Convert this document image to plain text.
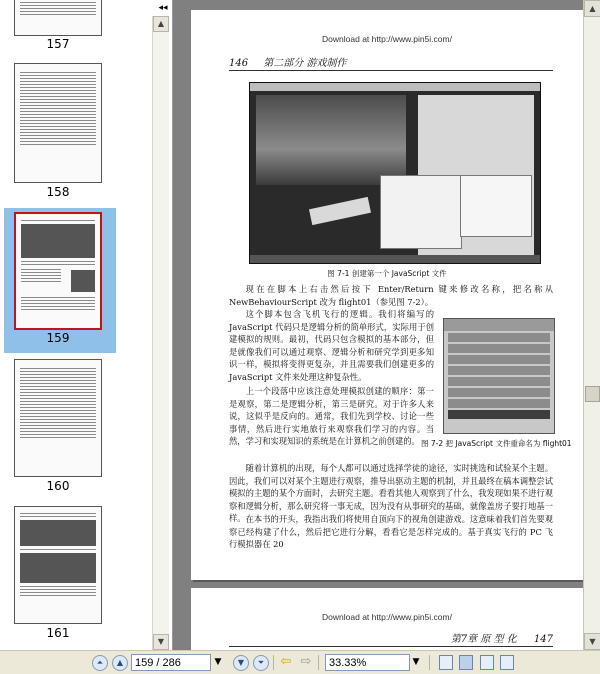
157
158
159
160
161
◂◂
▲
▼
Download at http://www.pin5i.com/
146 第二部分 游戏制作
图 7-1 创建第一个 JavaScript 文件
现在在脚本上右击然后按下 Enter/Return 键来修改名称，把名称从 NewBehaviourScript 改为 flight01（参见图 7-2）。
这个脚本包含飞机飞行的逻辑。我们将编写的 JavaScript 代码只是逻辑分析的简单形式，实际用于创建模拟的规则。最初，代码只包含模拟的基本部分，但是就像我们可以通过观察、逻辑分析和研究学到更多知识一样，模拟将变得更复杂，并且需要我们创建更多的 JavaScript 文件来处理这种复杂性。
上一个段落中应该注意处理模拟创建的顺序：第一是观察，第二是逻辑分析，第三是研究。对于许多人来说，这似乎是反向的。通常，我们先到学校、讨论一些事情，然后进行实地旅行来观察我们学习的内容。当然，学习和实现知识的系统是在计算机之前创建的。 图 7-2 把 JavaScript 文件重命名为 flight01
随着计算机的出现，每个人都可以通过选择学徒的途径，实时挑选和试验某个主题。因此，我们可以对某个主题进行观察，推导出驱动主题的机制，并且最终在稿本调整尝试模拟的主题的某个方面时，去研究主题。看看其他人观察到了什么，我发现如果不进行观察和逻辑分析，那么研究将一事无成，因为没有从事研究的基础，就像盖房子要打地基一样。 在本书的开头，我指出我们将使用自顶向下的视角创建游戏。这意味着我们首先要观察已经构建了什么，然后把它进行分解，看看它是怎样完成的。基于真实飞行的 PC 飞行模拟器在 20
Download at http://www.pin5i.com/
第7章 原 型 化 147
▲
▼
⏶	▲
159 / 286	▼	▼	⏷	⇦ ⇨
33.33%	▼
